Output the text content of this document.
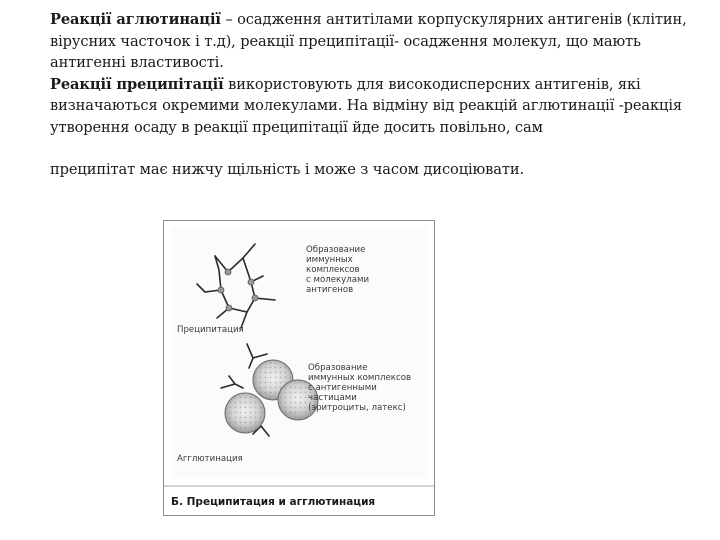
Реакції аглютинації – осадження антитілами корпускулярних антигенів (клітин, вірусних часточок і т.д), реакції преципітації- осадження молекул, що мають антигенні властивості.

Реакції преципітації використовують для високодисперсних антигенів, які визначаються окремими молекулами. На відміну від реакцій аглютинації -реакція утворення осаду в реакції преципітації йде досить повільно, сам

преципітат має нижчу щільність і може з часом дисоціювати.

Образование иммунных комплексов с молекулами антигенов
Преципитация
Образование иммунных комплексов с антигенными частицами (эритроциты, латекс)
Агглютинация
Б. Преципитация и агглютинация
